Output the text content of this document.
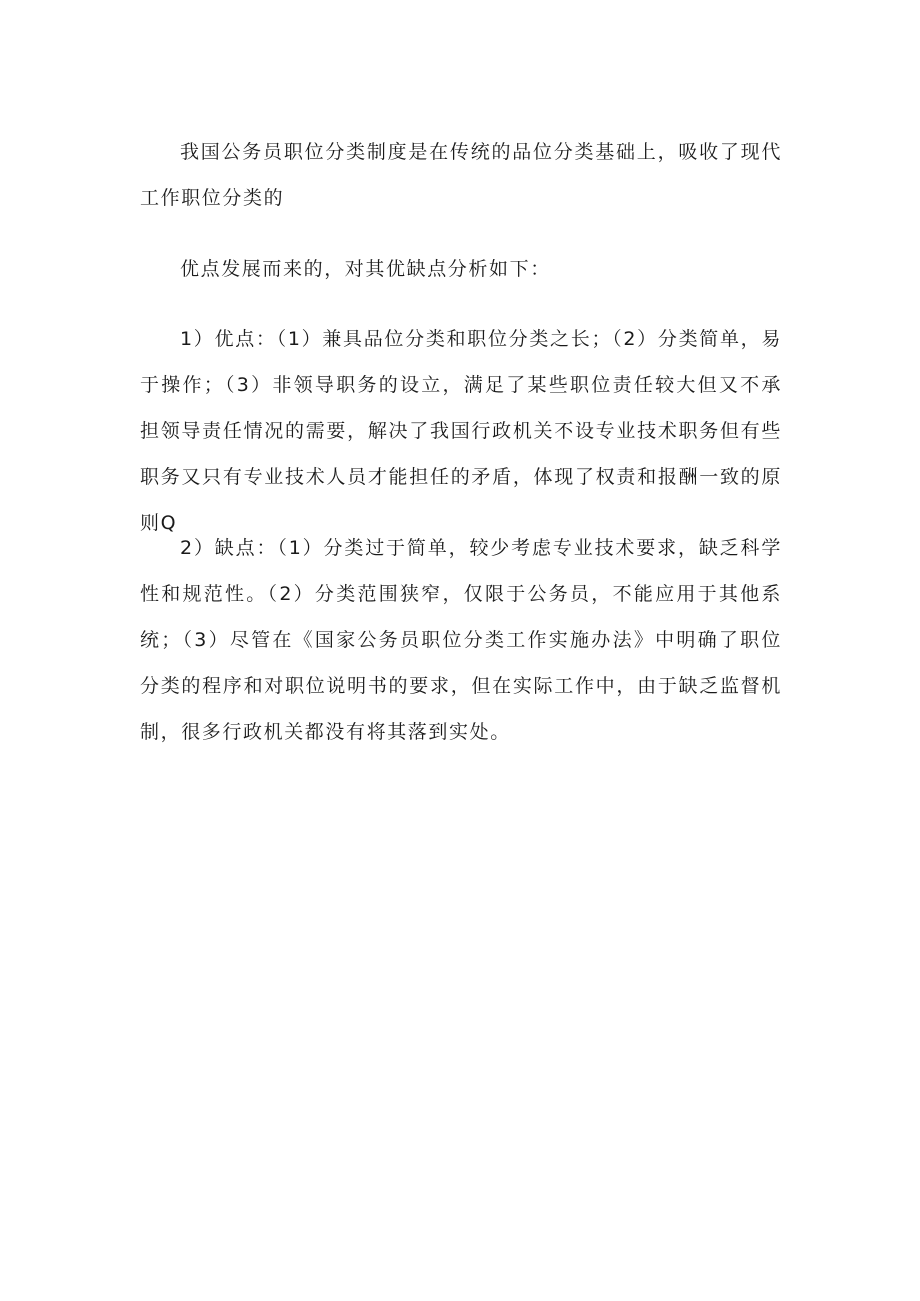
我国公务员职位分类制度是在传统的品位分类基础上，吸收了现代工作职位分类的

优点发展而来的，对其优缺点分析如下：

1）优点：（1）兼具品位分类和职位分类之长；（2）分类简单，易于操作；（3）非领导职务的设立，满足了某些职位责任较大但又不承担领导责任情况的需要，解决了我国行政机关不设专业技术职务但有些职务又只有专业技术人员才能担任的矛盾，体现了权责和报酬一致的原则Q

2）缺点：（1）分类过于简单，较少考虑专业技术要求，缺乏科学性和规范性。（2）分类范围狭窄，仅限于公务员，不能应用于其他系统；（3）尽管在《国家公务员职位分类工作实施办法》中明确了职位分类的程序和对职位说明书的要求，但在实际工作中，由于缺乏监督机制，很多行政机关都没有将其落到实处。
